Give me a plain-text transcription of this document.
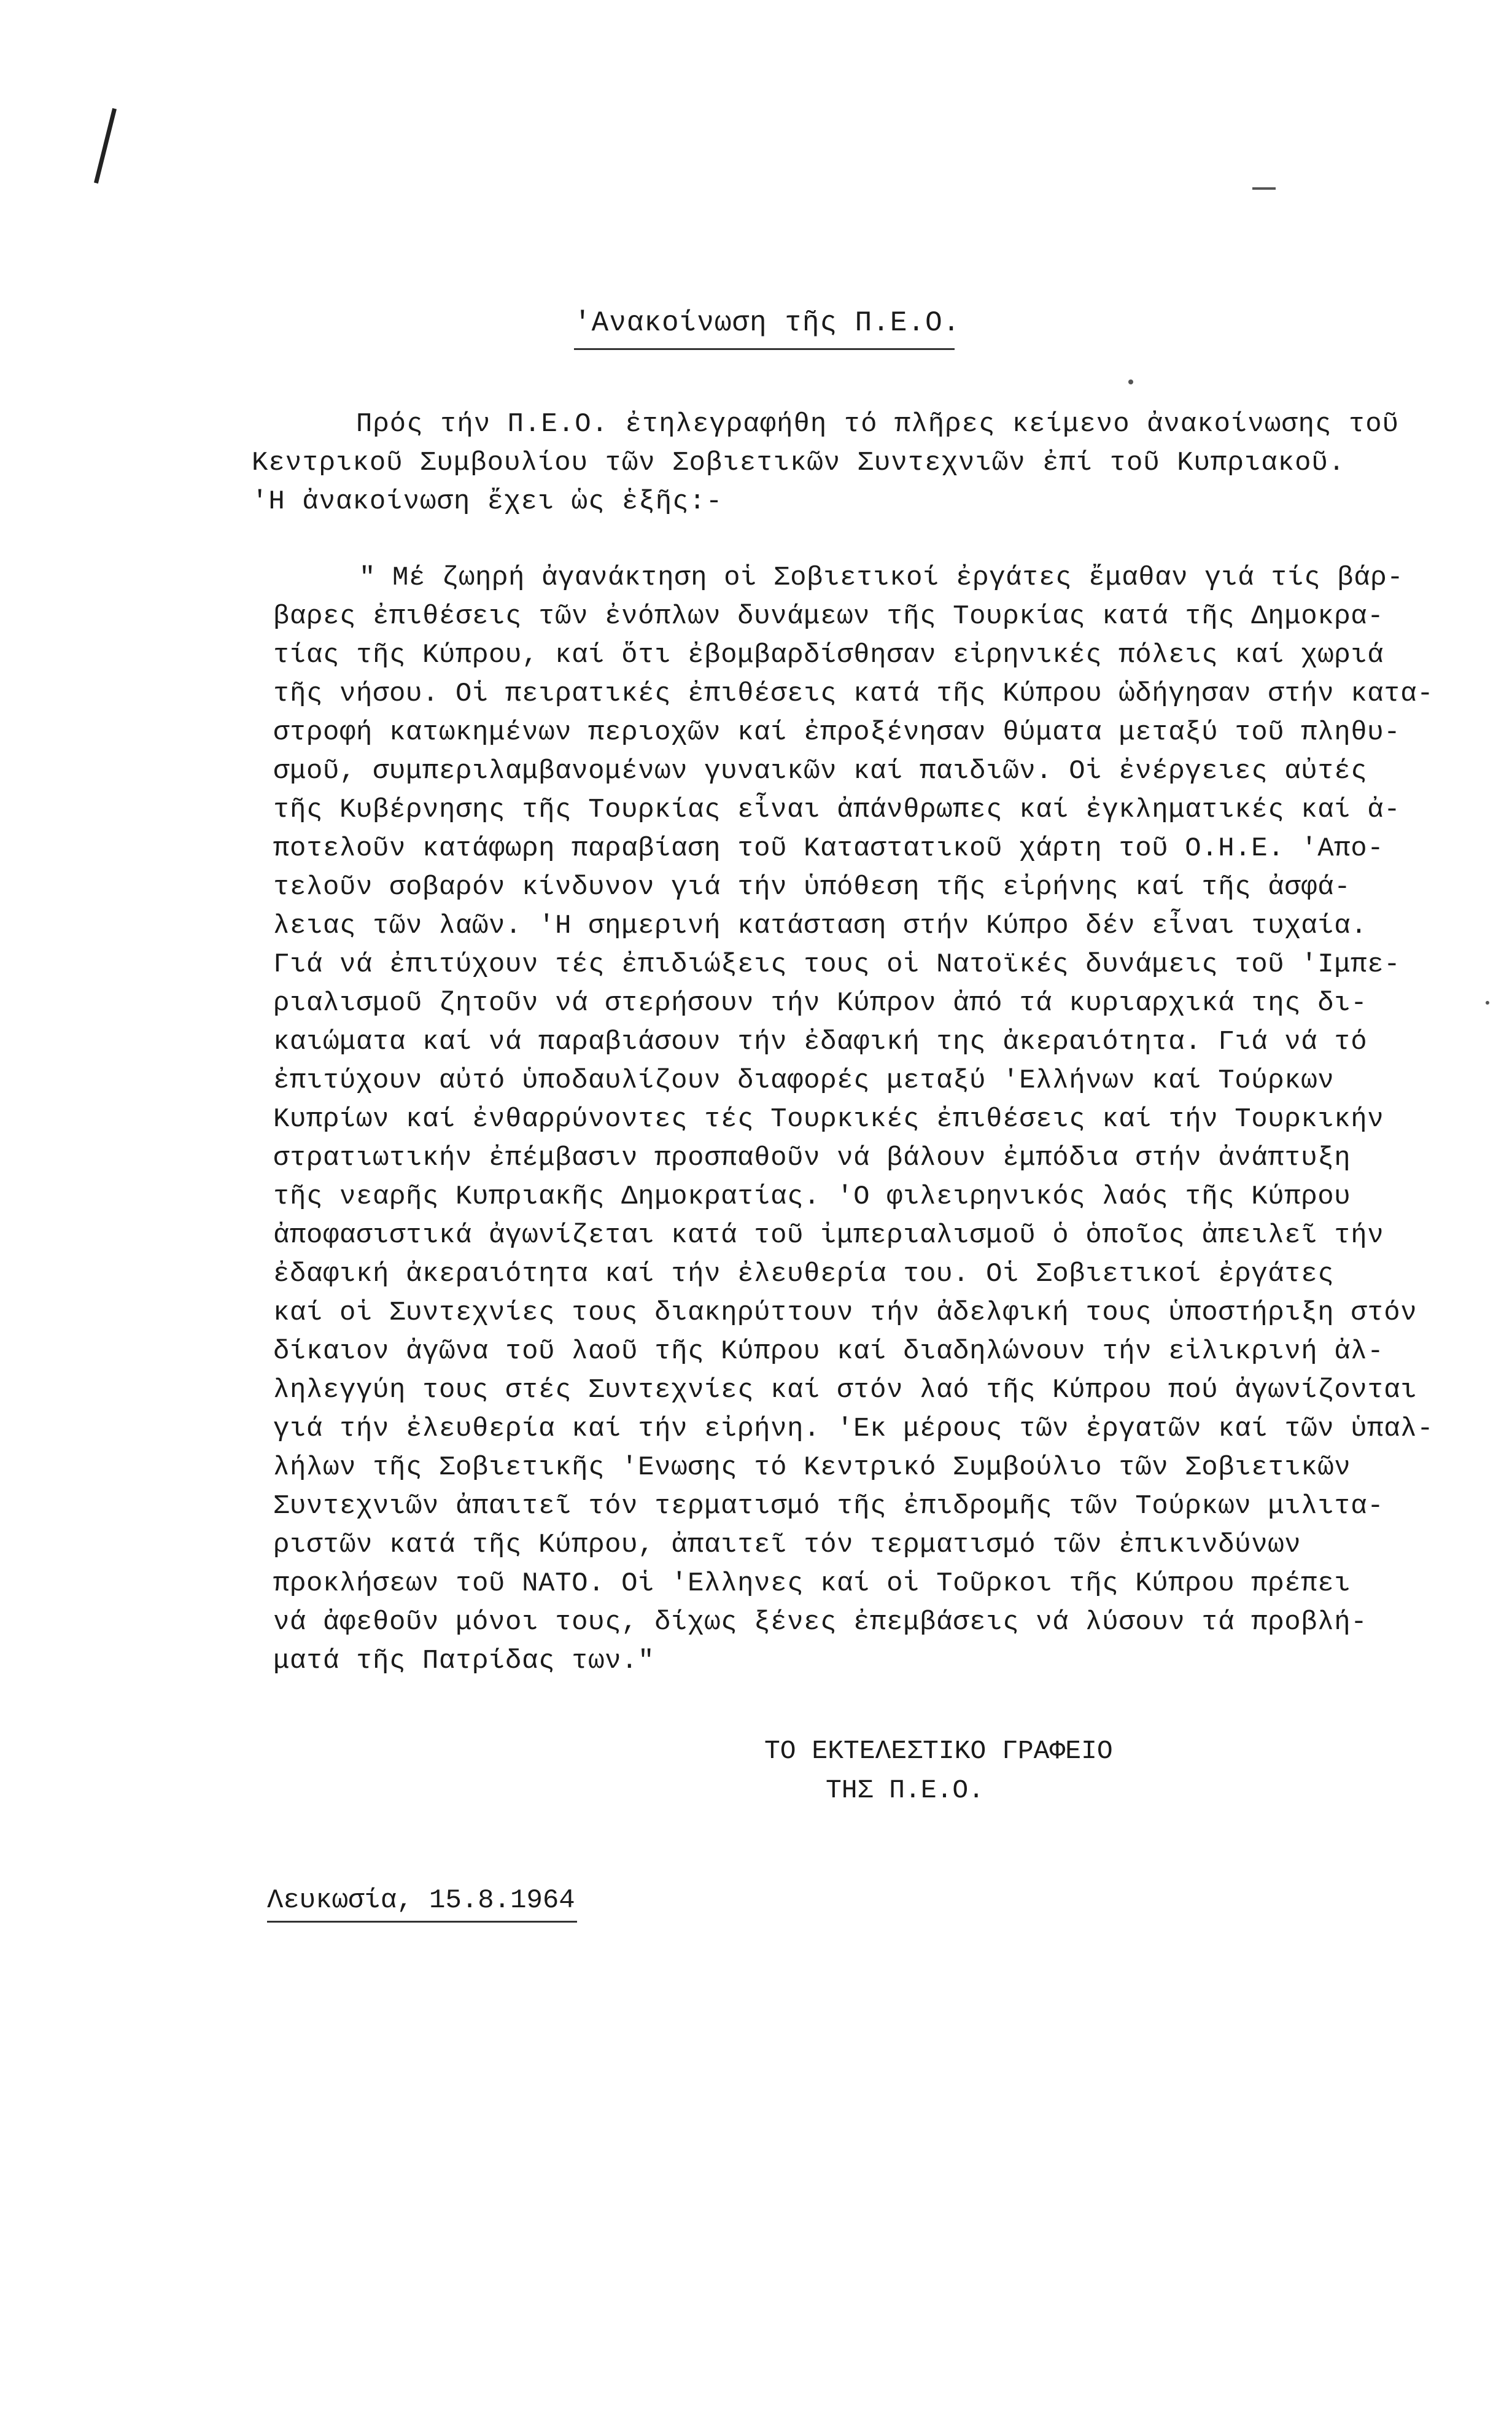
'Ανακοίνωση τῆς Π.Ε.Ο.
Πρός τήν Π.Ε.Ο. ἐτηλεγραφήθη τό πλῆρες κείμενο ἀνακοίνωσης τοῦ
Κεντρικοῦ Συμβουλίου τῶν Σοβιετικῶν Συντεχνιῶν ἐπί τοῦ Κυπριακοῦ.
'Η ἀνακοίνωση ἔχει ὡς ἑξῆς:-
" Μέ ζωηρή ἀγανάκτηση οἱ Σοβιετικοί ἐργάτες ἔμαθαν γιά τίς βάρ-
βαρες ἐπιθέσεις τῶν ἐνόπλων δυνάμεων τῆς Τουρκίας κατά τῆς Δημοκρα-
τίας τῆς Κύπρου, καί ὅτι ἐβομβαρδίσθησαν εἰρηνικές πόλεις καί χωριά
τῆς νήσου. Οἱ πειρατικές ἐπιθέσεις κατά τῆς Κύπρου ὡδήγησαν στήν κατα-
στροφή κατωκημένων περιοχῶν καί ἐπροξένησαν θύματα μεταξύ τοῦ πληθυ-
σμοῦ, συμπεριλαμβανομένων γυναικῶν καί παιδιῶν. Οἱ ἐνέργειες αὐτές
τῆς Κυβέρνησης τῆς Τουρκίας εἶναι ἀπάνθρωπες καί ἐγκληματικές καί ἀ-
ποτελοῦν κατάφωρη παραβίαση τοῦ Καταστατικοῦ χάρτη τοῦ Ο.Η.Ε. 'Απο-
τελοῦν σοβαρόν κίνδυνον γιά τήν ὑπόθεση τῆς εἰρήνης καί τῆς ἀσφά-
λειας τῶν λαῶν. 'Η σημερινή κατάσταση στήν Κύπρο δέν εἶναι τυχαία.
Γιά νά ἐπιτύχουν τές ἐπιδιώξεις τους οἱ Νατοϊκές δυνάμεις τοῦ 'Ιμπε-
ριαλισμοῦ ζητοῦν νά στερήσουν τήν Κύπρον ἀπό τά κυριαρχικά της δι-
καιώματα καί νά παραβιάσουν τήν ἐδαφική της ἀκεραιότητα. Γιά νά τό
ἐπιτύχουν αὐτό ὑποδαυλίζουν διαφορές μεταξύ 'Ελλήνων καί Τούρκων
Κυπρίων καί ἐνθαρρύνοντες τές Τουρκικές ἐπιθέσεις καί τήν Τουρκικήν
στρατιωτικήν ἐπέμβασιν προσπαθοῦν νά βάλουν ἐμπόδια στήν ἀνάπτυξη
τῆς νεαρῆς Κυπριακῆς Δημοκρατίας. 'Ο φιλειρηνικός λαός τῆς Κύπρου
ἀποφασιστικά ἀγωνίζεται κατά τοῦ ἰμπεριαλισμοῦ ὁ ὁποῖος ἀπειλεῖ τήν
ἐδαφική ἀκεραιότητα καί τήν ἐλευθερία του. Οἱ Σοβιετικοί ἐργάτες
καί οἱ Συντεχνίες τους διακηρύττουν τήν ἀδελφική τους ὑποστήριξη στόν
δίκαιον ἀγῶνα τοῦ λαοῦ τῆς Κύπρου καί διαδηλώνουν τήν εἰλικρινή ἀλ-
ληλεγγύη τους στές Συντεχνίες καί στόν λαό τῆς Κύπρου πού ἀγωνίζονται
γιά τήν ἐλευθερία καί τήν εἰρήνη. 'Εκ μέρους τῶν ἐργατῶν καί τῶν ὑπαλ-
λήλων τῆς Σοβιετικῆς 'Ενωσης τό Κεντρικό Συμβούλιο τῶν Σοβιετικῶν
Συντεχνιῶν ἀπαιτεῖ τόν τερματισμό τῆς ἐπιδρομῆς τῶν Τούρκων μιλιτα-
ριστῶν κατά τῆς Κύπρου, ἀπαιτεῖ τόν τερματισμό τῶν ἐπικινδύνων
προκλήσεων τοῦ ΝΑΤΟ. Οἱ 'Ελληνες καί οἱ Τοῦρκοι τῆς Κύπρου πρέπει
νά ἀφεθοῦν μόνοι τους, δίχως ξένες ἐπεμβάσεις νά λύσουν τά προβλή-
ματά τῆς Πατρίδας των."
ΤΟ ΕΚΤΕΛΕΣΤΙΚΟ ΓΡΑΦΕΙΟ
ΤΗΣ Π.Ε.Ο.
Λευκωσία, 15.8.1964
